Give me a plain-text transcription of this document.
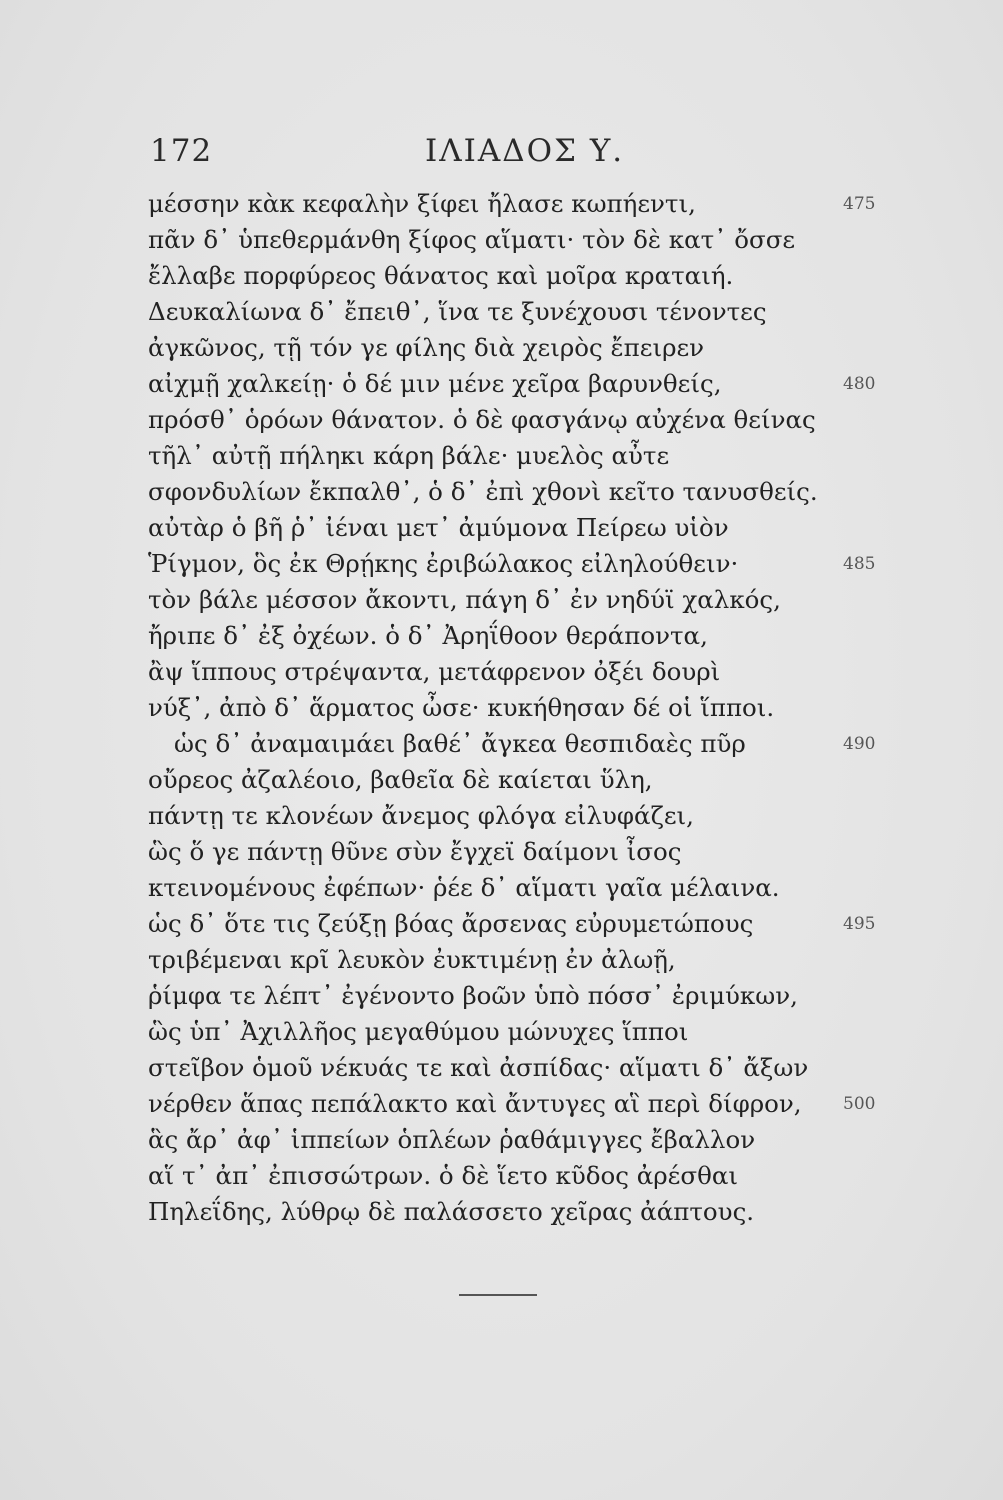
172	ΙΛΙΑΔΟΣ Υ.
μέσσην κὰκ κεφαλὴν ξίφει ἤλασε κωπήεντι,	475
πᾶν δ᾽ ὑπεθερμάνθη ξίφος αἵματι· τὸν δὲ κατ᾽ ὄσσε
ἔλλαβε πορφύρεος θάνατος καὶ μοῖρα κραταιή.
Δευκαλίωνα δ᾽ ἔπειθ᾽, ἵνα τε ξυνέχουσι τένοντες
ἀγκῶνος, τῇ τόν γε φίλης διὰ χειρὸς ἔπειρεν
αἰχμῇ χαλκείῃ· ὁ δέ μιν μένε χεῖρα βαρυνθείς,	480
πρόσθ᾽ ὁρόων θάνατον. ὁ δὲ φασγάνῳ αὐχένα θείνας
τῆλ᾽ αὐτῇ πήληκι κάρη βάλε· μυελὸς αὖτε
σφονδυλίων ἔκπαλθ᾽, ὁ δ᾽ ἐπὶ χθονὶ κεῖτο τανυσθείς.
αὐτὰρ ὁ βῆ ῥ᾽ ἰέναι μετ᾽ ἀμύμονα Πείρεω υἱὸν
Ῥίγμον, ὃς ἐκ Θρῄκης ἐριβώλακος εἰληλούθειν·	485
τὸν βάλε μέσσον ἄκοντι, πάγη δ᾽ ἐν νηδύϊ χαλκός,
ἤριπε δ᾽ ἐξ ὀχέων. ὁ δ᾽ Ἀρηΐθοον θεράποντα,
ἂψ ἵππους στρέψαντα, μετάφρενον ὀξέι δουρὶ
νύξ᾽, ἀπὸ δ᾽ ἅρματος ὦσε· κυκήθησαν δέ οἱ ἵπποι.
ὡς δ᾽ ἀναμαιμάει βαθέ᾽ ἄγκεα θεσπιδαὲς πῦρ	490
οὔρεος ἀζαλέοιο, βαθεῖα δὲ καίεται ὕλη,
πάντῃ τε κλονέων ἄνεμος φλόγα εἰλυφάζει,
ὣς ὅ γε πάντῃ θῦνε σὺν ἔγχεϊ δαίμονι ἶσος
κτεινομένους ἐφέπων· ῥέε δ᾽ αἵματι γαῖα μέλαινα.
ὡς δ᾽ ὅτε τις ζεύξῃ βόας ἄρσενας εὐρυμετώπους	495
τριβέμεναι κρῖ λευκὸν ἐυκτιμένῃ ἐν ἀλωῇ,
ῥίμφα τε λέπτ᾽ ἐγένοντο βοῶν ὑπὸ πόσσ᾽ ἐριμύκων,
ὣς ὑπ᾽ Ἀχιλλῆος μεγαθύμου μώνυχες ἵπποι
στεῖβον ὁμοῦ νέκυάς τε καὶ ἀσπίδας· αἵματι δ᾽ ἄξων
νέρθεν ἅπας πεπάλακτο καὶ ἄντυγες αἳ περὶ δίφρον, 500
ἃς ἄρ᾽ ἀφ᾽ ἱππείων ὁπλέων ῥαθάμιγγες ἔβαλλον
αἵ τ᾽ ἀπ᾽ ἐπισσώτρων. ὁ δὲ ἵετο κῦδος ἀρέσθαι
Πηλεΐδης, λύθρῳ δὲ παλάσσετο χεῖρας ἀάπτους.
